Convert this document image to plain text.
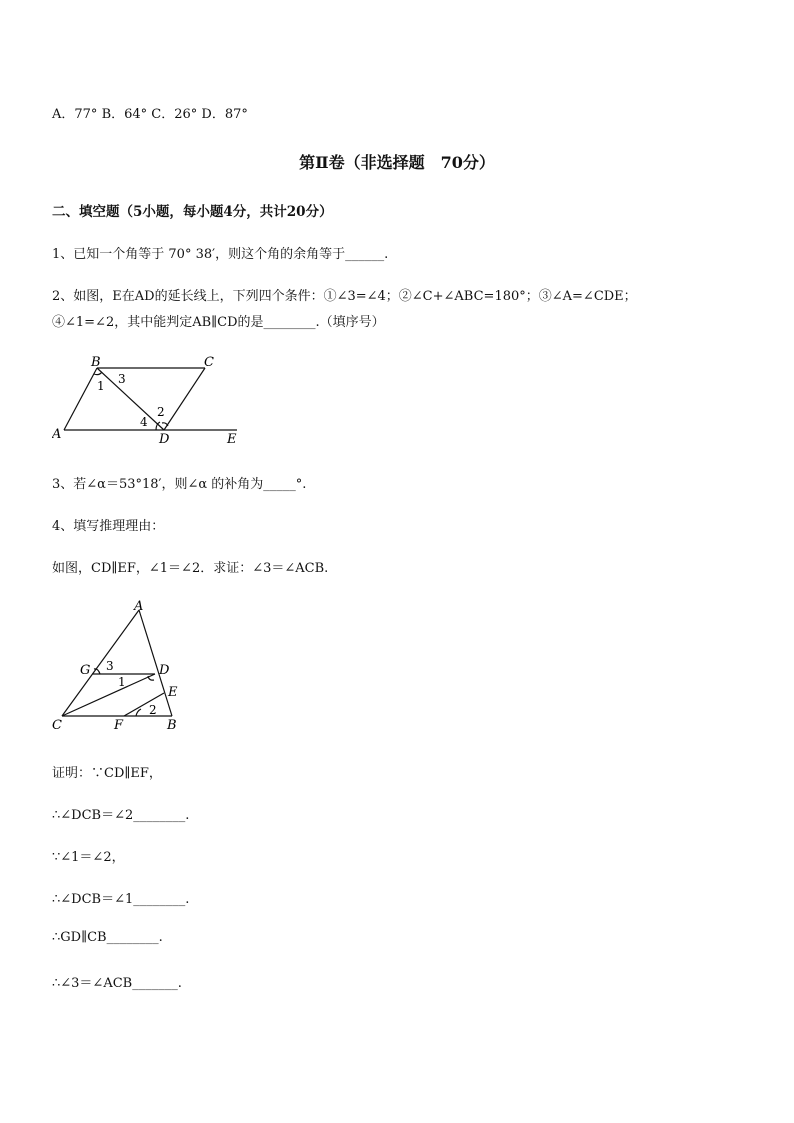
A．77° B．64° C．26° D．87°
第Ⅱ卷（非选择题　70分）
二、填空题（5小题，每小题4分，共计20分）
1、已知一个角等于 70° 38′，则这个角的余角等于______.
2、如图，E在AD的延长线上，下列四个条件：①∠3=∠4；②∠C+∠ABC=180°；③∠A=∠CDE；
④∠1=∠2，其中能判定AB∥CD的是________.（填序号）
B	C
A	D	E
1 3
2
4
3、若∠α＝53°18′，则∠α 的补角为_____°.
4、填写推理理由：
如图，CD∥EF，∠1＝∠2．求证：∠3＝∠ACB.
A
G	D
E
C	F	B
3
1
2
证明：∵CD∥EF，
∴∠DCB＝∠2________.
∵∠1＝∠2，
∴∠DCB＝∠1________.
∴GD∥CB________.
∴∠3＝∠ACB_______.
